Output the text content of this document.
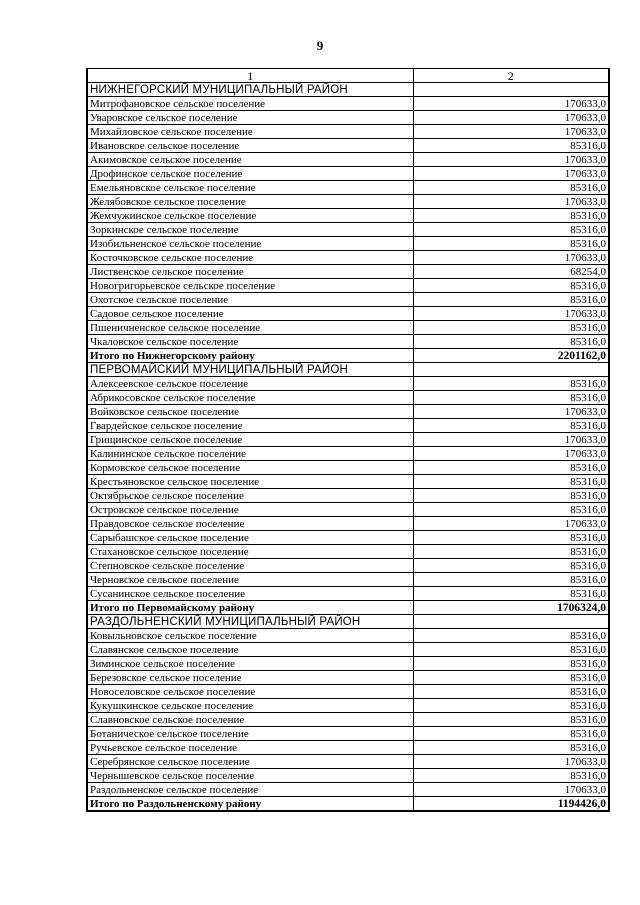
9
1	2
НИЖНЕГОРСКИЙ МУНИЦИПАЛЬНЫЙ РАЙОН	
Митрофановское сельское поселение	170633,0
Уваровское сельское поселение	170633,0
Михайловское сельское поселение	170633,0
Ивановское сельское поселение	85316,0
Акимовское сельское поселение	170633,0
Дрофинское сельское поселение	170633,0
Емельяновское сельское поселение	85316,0
Желябовское сельское поселение	170633,0
Жемчужинское сельское поселение	85316,0
Зоркинское сельское поселение	85316,0
Изобильненское сельское поселение	85316,0
Косточковское сельское поселение	170633,0
Лиственское сельское поселение	68254,0
Новогригорьевское сельское поселение	85316,0
Охотское сельское поселение	85316,0
Садовое сельское поселение	170633,0
Пшеничненское сельское поселение	85316,0
Чкаловское сельское поселение	85316,0
Итого по Нижнегорскому району	2201162,0
ПЕРВОМАЙСКИЙ МУНИЦИПАЛЬНЫЙ РАЙОН	
Алексеевское сельское поселение	85316,0
Абрикосовское сельское поселение	85316,0
Войковское сельское поселение	170633,0
Гвардейское сельское поселение	85316,0
Грищинское сельское поселение	170633,0
Калининское сельское поселение	170633,0
Кормовское сельское поселение	85316,0
Крестьяновское сельское поселение	85316,0
Октябрьское сельское поселение	85316,0
Островское сельское поселение	85316,0
Правдовское сельское поселение	170633,0
Сарыбашское сельское поселение	85316,0
Стахановское сельское поселение	85316,0
Степновское сельское поселение	85316,0
Черновское сельское поселение	85316,0
Сусанинское сельское поселение	85316,0
Итого по Первомайскому району	1706324,0
РАЗДОЛЬНЕНСКИЙ МУНИЦИПАЛЬНЫЙ РАЙОН	
Ковыльновское сельское поселение	85316,0
Славянское сельское поселение	85316,0
Зиминское сельское поселение	85316,0
Березовское сельское поселение	85316,0
Новоселовское сельское поселение	85316,0
Кукушкинское сельское поселение	85316,0
Славновское сельское поселение	85316,0
Ботаническое сельское поселение	85316,0
Ручьевское сельское поселение	85316,0
Серебрянское сельское поселение	170633,0
Чернышевское сельское поселение	85316,0
Раздольненское сельское поселение	170633,0
Итого по Раздольненскому району	1194426,0
